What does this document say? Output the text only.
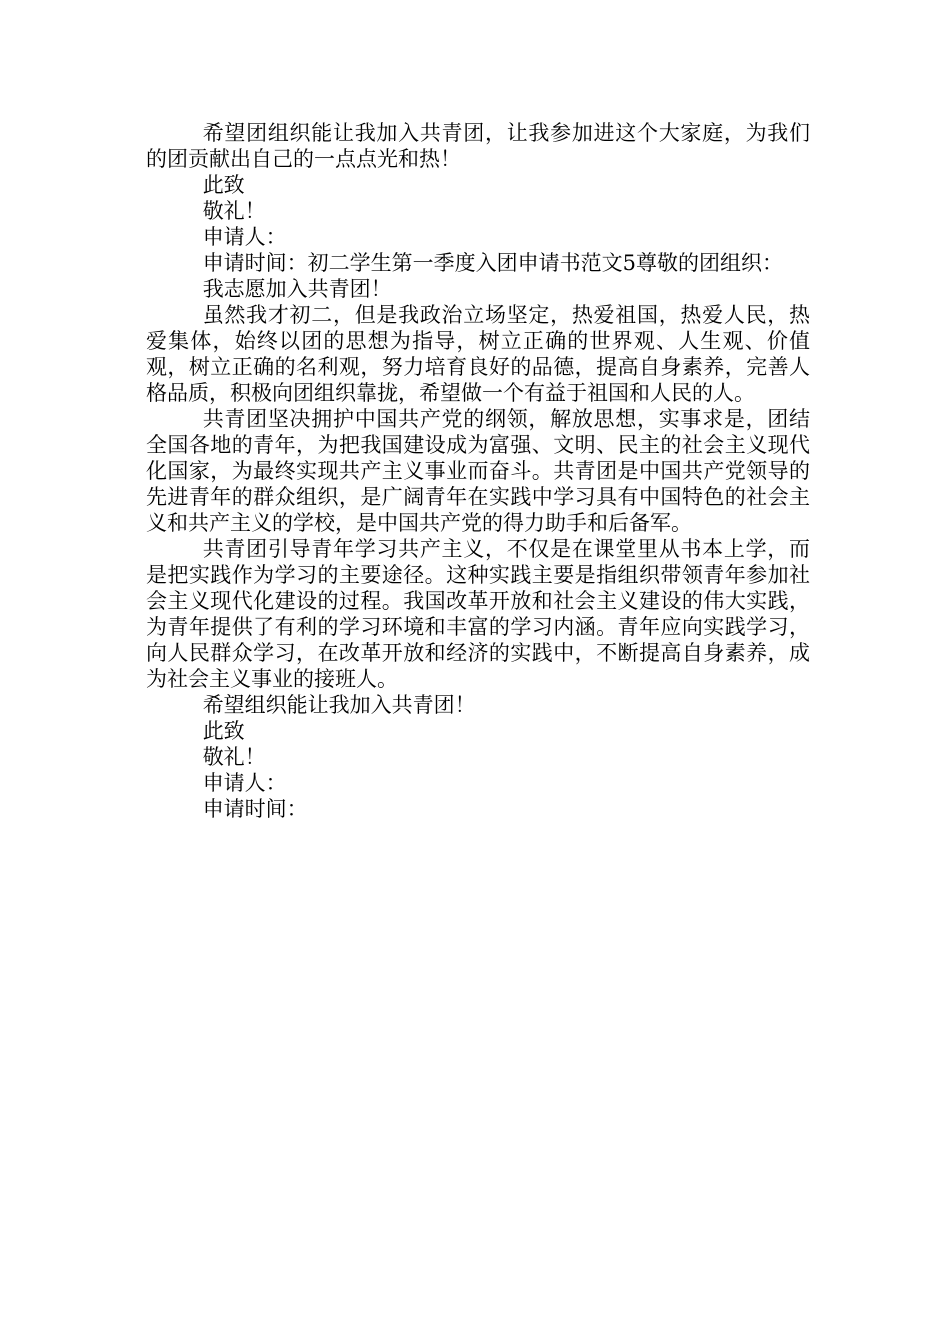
希望团组织能让我加入共青团，让我参加进这个大家庭，为我们的团贡献出自己的一点点光和热！

此致

敬礼！

申请人：

申请时间：初二学生第一季度入团申请书范文5尊敬的团组织：

我志愿加入共青团！

虽然我才初二，但是我政治立场坚定，热爱祖国，热爱人民，热爱集体，始终以团的思想为指导，树立正确的世界观、人生观、价值观，树立正确的名利观，努力培育良好的品德，提高自身素养，完善人格品质，积极向团组织靠拢，希望做一个有益于祖国和人民的人。

共青团坚决拥护中国共产党的纲领，解放思想，实事求是，团结全国各地的青年，为把我国建设成为富强、文明、民主的社会主义现代化国家，为最终实现共产主义事业而奋斗。共青团是中国共产党领导的先进青年的群众组织，是广阔青年在实践中学习具有中国特色的社会主义和共产主义的学校，是中国共产党的得力助手和后备军。

共青团引导青年学习共产主义，不仅是在课堂里从书本上学，而是把实践作为学习的主要途径。这种实践主要是指组织带领青年参加社会主义现代化建设的过程。我国改革开放和社会主义建设的伟大实践，为青年提供了有利的学习环境和丰富的学习内涵。青年应向实践学习，向人民群众学习，在改革开放和经济的实践中，不断提高自身素养，成为社会主义事业的接班人。

希望组织能让我加入共青团！

此致

敬礼！

申请人：

申请时间：
